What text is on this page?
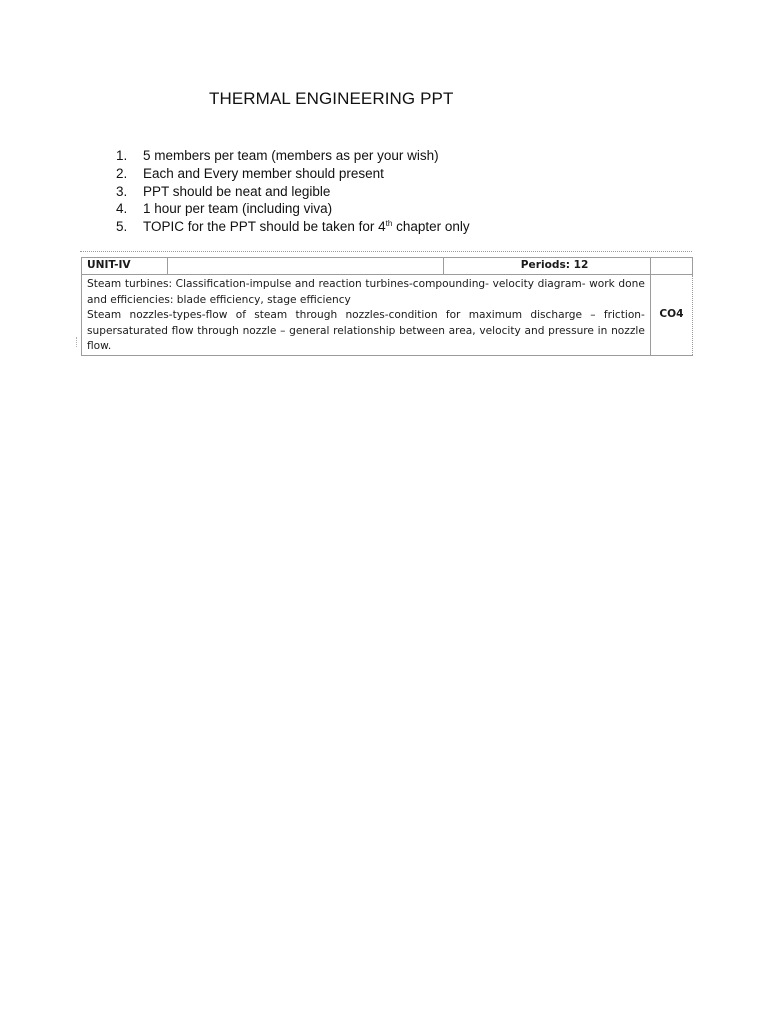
THERMAL ENGINEERING PPT
1.	5 members per team (members as per your wish)
2.	Each and Every member should present
3.	PPT should be neat and legible
4.	1 hour per team (including viva)
5.	TOPIC for the PPT should be taken for 4th chapter only
UNIT-IV		Periods: 12	

Steam turbines: Classification-impulse and reaction turbines-compounding- velocity diagram- work done and efficiencies: blade efficiency, stage efficiency

Steam nozzles-types-flow of steam through nozzles-condition for maximum discharge – friction-supersaturated flow through nozzle – general relationship between area, velocity and pressure in nozzle flow.			CO4
